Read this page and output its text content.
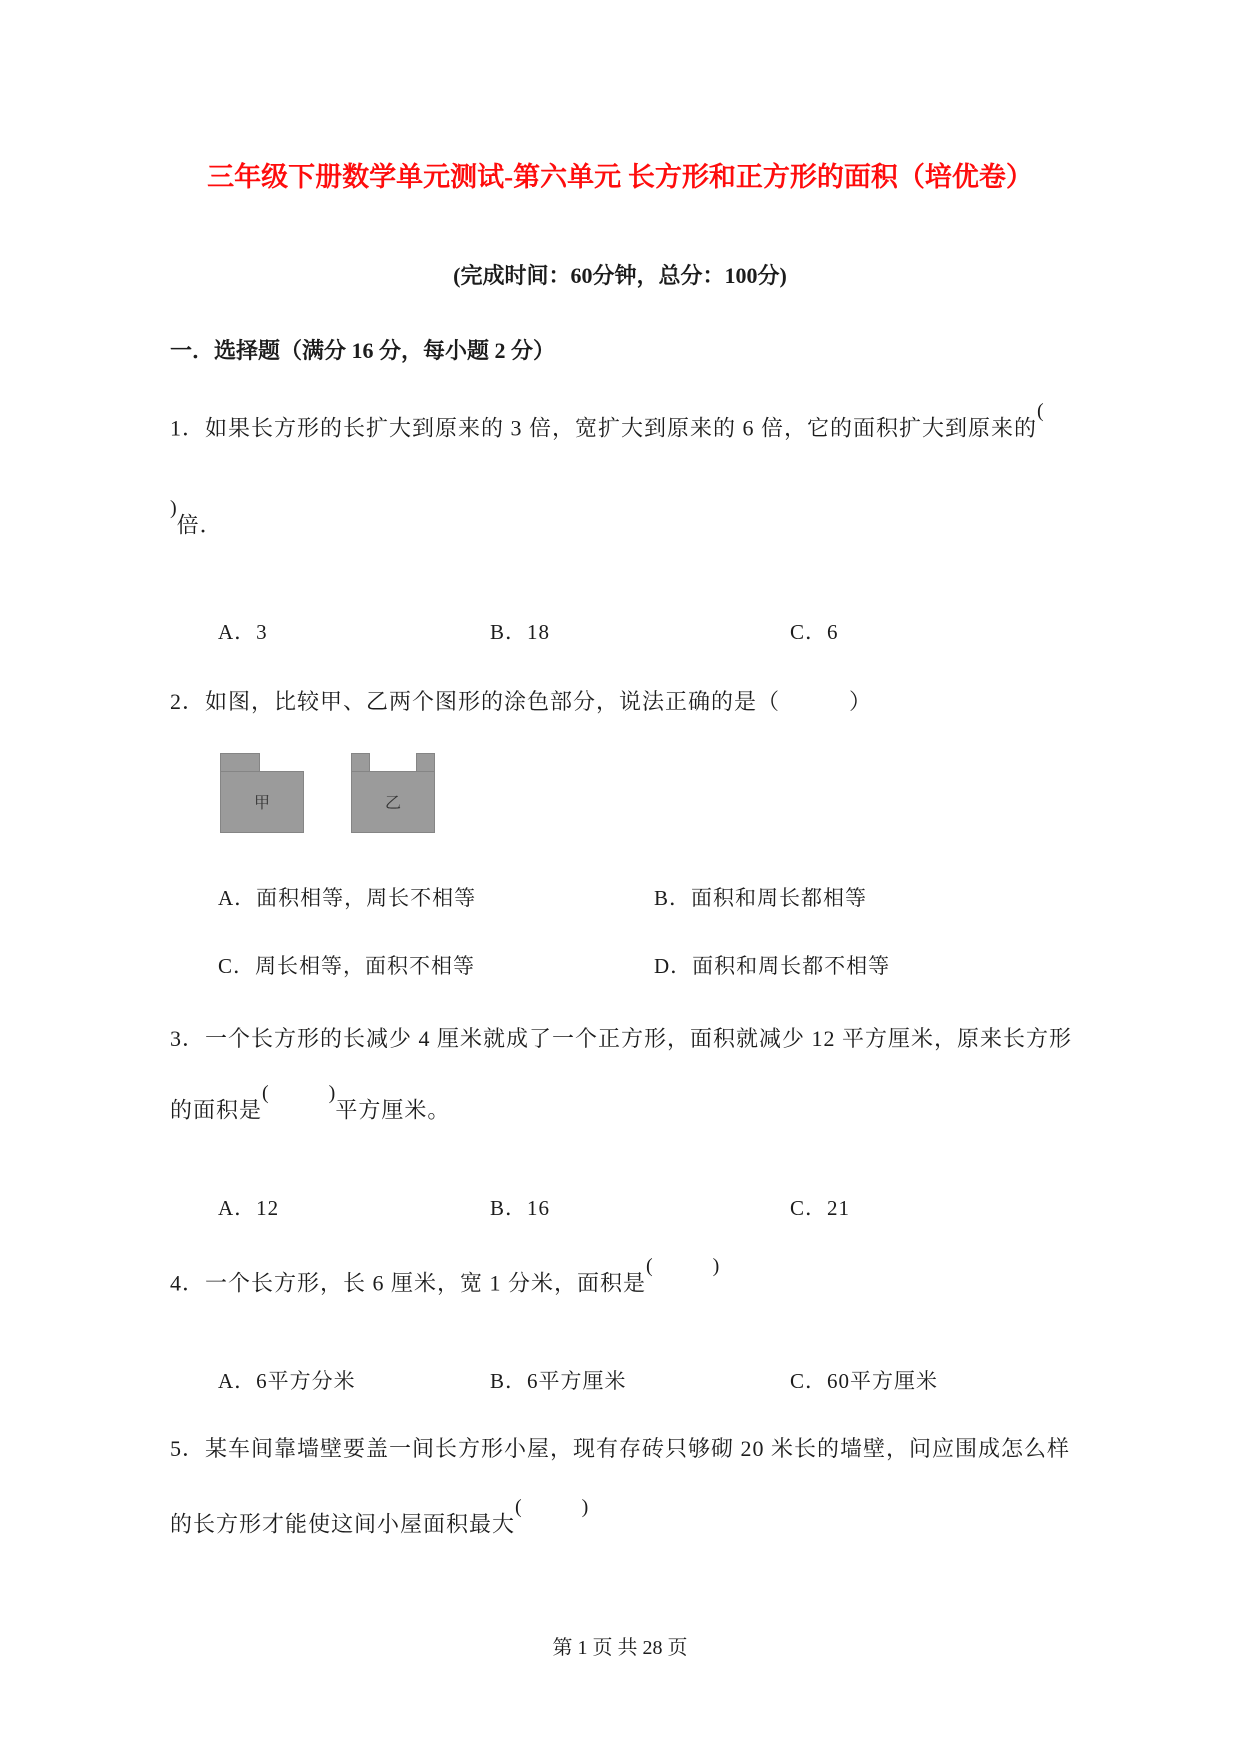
三年级下册数学单元测试-第六单元 长方形和正方形的面积（培优卷）

(完成时间：60分钟，总分：100分)

一．选择题（满分 16 分，每小题 2 分）

1．如果长方形的长扩大到原来的 3 倍，宽扩大到原来的 6 倍，它的面积扩大到原来的(

)倍．

A．3	B．18	C．6

2．如图，比较甲、乙两个图形的涂色部分，说法正确的是（　　　）

甲	乙
A．面积相等，周长不相等	B．面积和周长都相等
C．周长相等，面积不相等	D．面积和周长都不相等

3．一个长方形的长减少 4 厘米就成了一个正方形，面积就减少 12 平方厘米，原来长方形

的面积是(　　　)平方厘米。

A．12	B．16	C．21

4．一个长方形，长 6 厘米，宽 1 分米，面积是(　　　)

A．6平方分米	B．6平方厘米	C．60平方厘米

5．某车间靠墙壁要盖一间长方形小屋，现有存砖只够砌 20 米长的墙壁，问应围成怎么样

的长方形才能使这间小屋面积最大(　　　)

第 1 页 共 28 页
